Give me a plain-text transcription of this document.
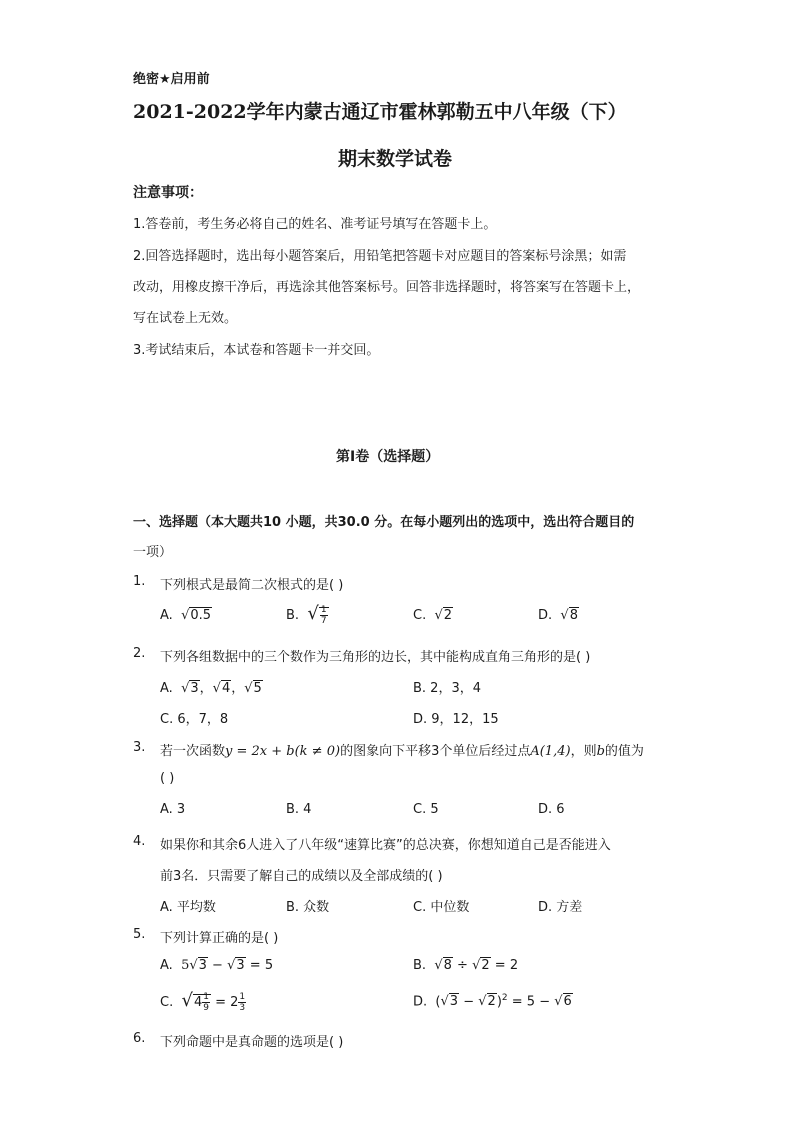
绝密★启用前
2021-2022学年内蒙古通辽市霍林郭勒五中八年级（下）
期末数学试卷
注意事项：
1.答卷前，考生务必将自己的姓名、准考证号填写在答题卡上。
2.回答选择题时，选出每小题答案后，用铅笔把答题卡对应题目的答案标号涂黑；如需
改动，用橡皮擦干净后，再选涂其他答案标号。回答非选择题时，将答案写在答题卡上，
写在试卷上无效。
3.考试结束后，本试卷和答题卡一并交回。
第I卷（选择题）
一、选择题（本大题共10 小题，共30.0 分。在每小题列出的选项中，选出符合题目的
一项）
1. 下列根式是最简二次根式的是( )
A. √0.5	B. √ $\frac{1}{7}$	C. √2	D. √8
2. 下列各组数据中的三个数作为三角形的边长，其中能构成直角三角形的是( )
A. √3，√4，√5	B. 2，3，4
C. 6，7，8	D. 9，12，15
3. 若一次函数y = 2x + b(k ≠ 0)的图象向下平移3个单位后经过点A(1,4)，则b的值为
( )
A. 3	B. 4	C. 5	D. 6
4. 如果你和其余6人进入了八年级“速算比赛”的总决赛，你想知道自己是否能进入
前3名．只需要了解自己的成绩以及全部成绩的( )
A. 平均数	B. 众数	C. 中位数	D. 方差
5. 下列计算正确的是( )
A. 5√3 − √3 = 5	B. √8 ÷ √2 = 2
C. $√4 \frac{1}{9} = 2 \frac{1}{3}$	D. $(√3 - √2)^2 = 5 - √6$
6. 下列命题中是真命题的选项是( )
